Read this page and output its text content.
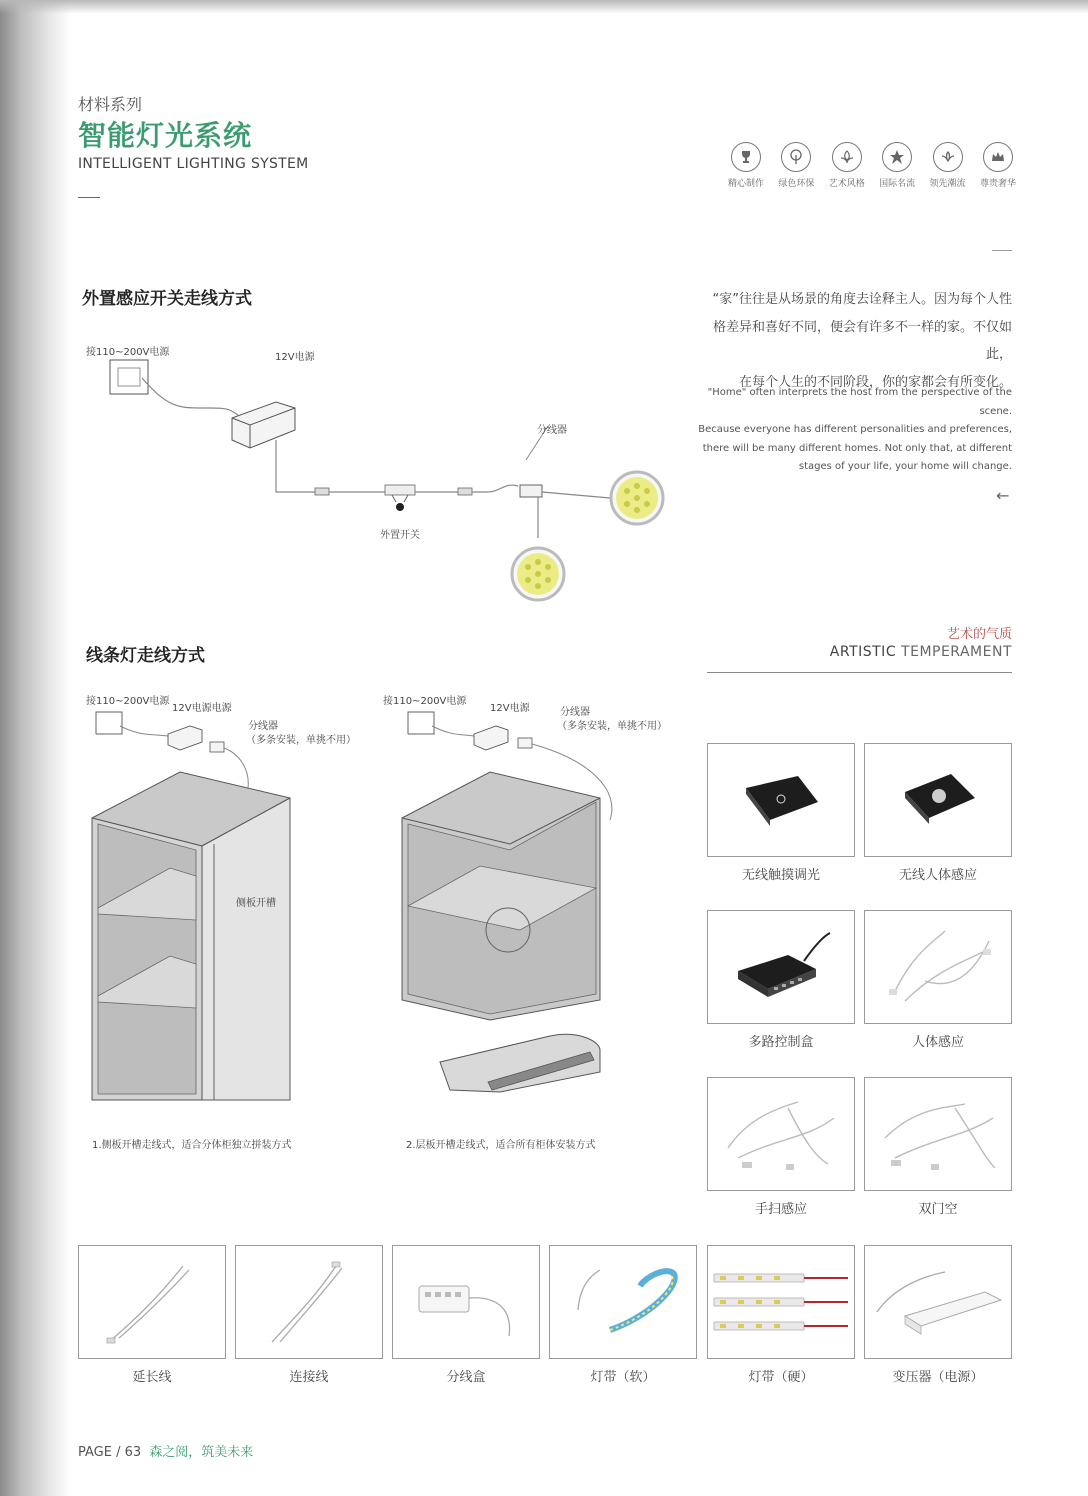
材料系列
智能灯光系统
INTELLIGENT LIGHTING SYSTEM
精心制作 绿色环保 艺术风格 国际名流 领先潮流 尊贵奢华
外置感应开关走线方式
接110~200V电源	12V电源
分线器
外置开关
“家”往往是从场景的角度去诠释主人。因为每个人性
格差异和喜好不同，便会有许多不一样的家。不仅如此，
在每个人生的不同阶段，你的家都会有所变化。
"Home" often interprets the host from the perspective of the scene.
Because everyone has different personalities and preferences,
there will be many different homes. Not only that, at different
stages of your life, your home will change.
←
艺术的气质
ARTISTIC TEMPERAMENT
线条灯走线方式
接110~200V电源
12V电源电源
分线器
（多条安装，单挑不用）
侧板开槽
1.侧板开槽走线式，适合分体柜独立拼装方式
接110~200V电源
12V电源	分线器
（多条安装，单挑不用）
2.层板开槽走线式，适合所有柜体安装方式
无线触摸调光	无线人体感应
多路控制盒	人体感应
手扫感应	双门空
延长线	连接线	分线盒	灯带（软）	灯带（硬）	变压器（电源）
PAGE / 63 森之阅，筑美未来
